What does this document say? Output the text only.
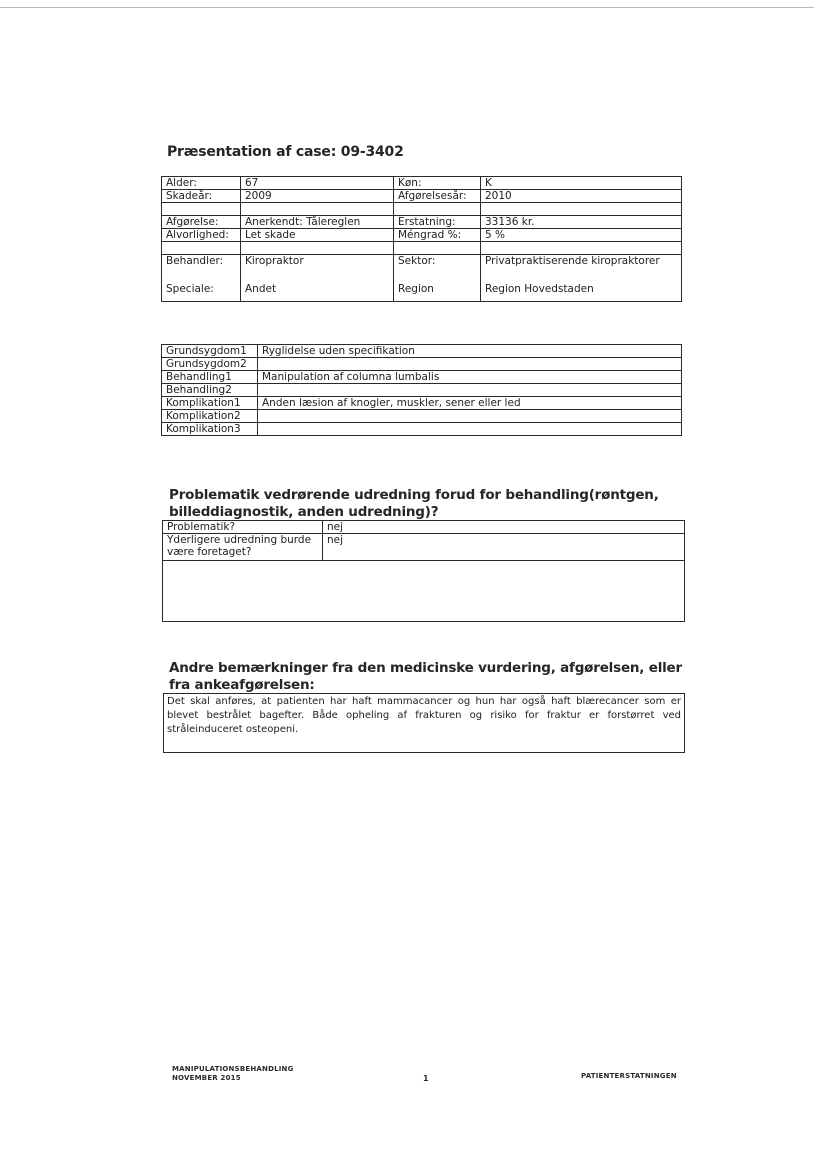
Præsentation af case: 09-3402
Alder:	67	Køn:	K
Skadeår:	2009	Afgørelsesår:	2010

Afgørelse:	Anerkendt: Tålereglen	Erstatning:	33136 kr.
Alvorlighed:	Let skade	Méngrad %:	5 %

Behandler:	Kiropraktor	Sektor:	Privatpraktiserende kiropraktorer
Speciale:	Andet	Region	Region Hovedstaden
Grundsygdom1	Ryglidelse uden specifikation
Grundsygdom2	
Behandling1	Manipulation af columna lumbalis
Behandling2	
Komplikation1	Anden læsion af knogler, muskler, sener eller led
Komplikation2	
Komplikation3	
Problematik vedrørende udredning forud for behandling(røntgen, billeddiagnostik, anden udredning)?
Problematik?	nej
Yderligere udredning burde være foretaget?	nej

Andre bemærkninger fra den medicinske vurdering, afgørelsen, eller fra ankeafgørelsen:
Det skal anføres, at patienten har haft mammacancer og hun har også haft blærecancer som er blevet bestrålet bagefter. Både opheling af frakturen og risiko for fraktur er forstørret ved stråleinduceret osteopeni.
MANIPULATIONSBEHANDLING
NOVEMBER 2015	1	PATIENTERSTATNINGEN
